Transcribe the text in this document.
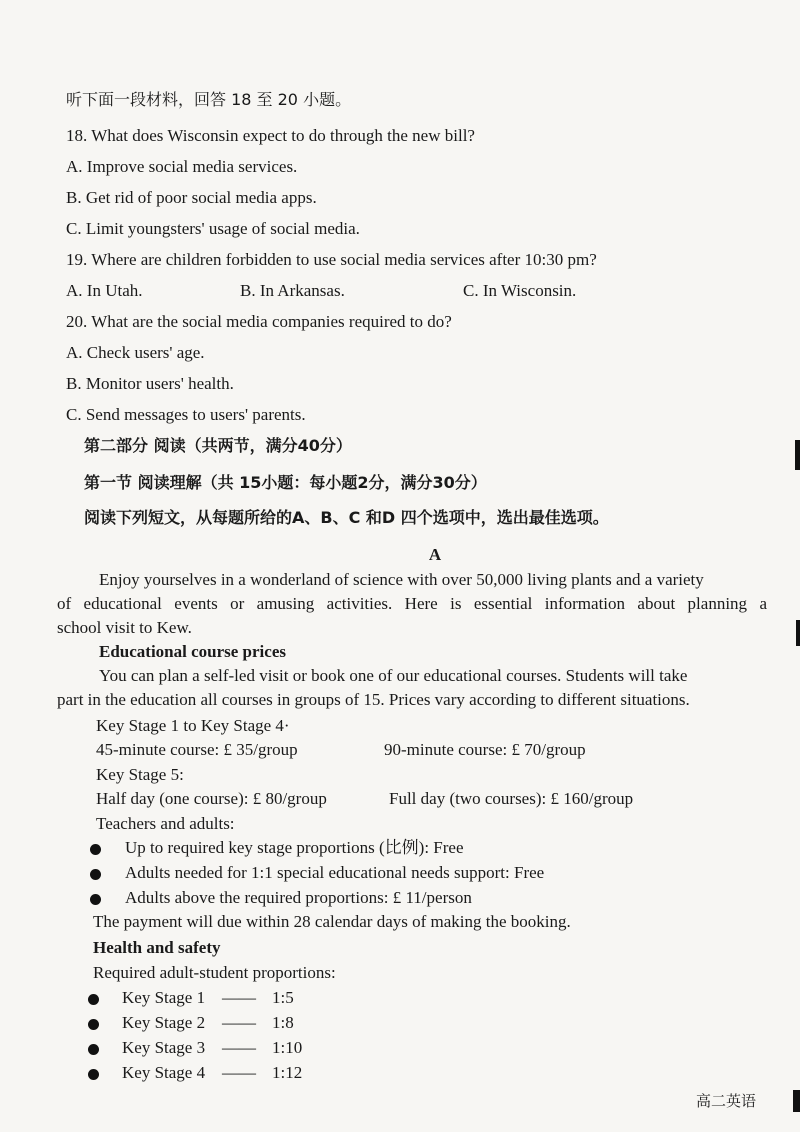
听下面一段材料，回答 18 至 20 小题。
18. What does Wisconsin expect to do through the new bill?
A. Improve social media services.
B. Get rid of poor social media apps.
C. Limit youngsters' usage of social media.
19. Where are children forbidden to use social media services after 10:30 pm?
A. In Utah.	B. In Arkansas.	C. In Wisconsin.
20. What are the social media companies required to do?
A. Check users' age.
B. Monitor users' health.
C. Send messages to users' parents.
第二部分 阅读（共两节，满分40分）
第一节 阅读理解（共 15小题：每小题2分，满分30分）
阅读下列短文，从每题所给的A、B、C 和D 四个选项中，选出最佳选项。
A
Enjoy yourselves in a wonderland of science with over 50,000 living plants and a variety
of educational events or amusing activities. Here is essential information about planning a
school visit to Kew.
Educational course prices
You can plan a self-led visit or book one of our educational courses. Students will take
part in the education all courses in groups of 15. Prices vary according to different situations.
Key Stage 1 to Key Stage 4·
45-minute course: £ 35/group	90-minute course: £ 70/group
Key Stage 5:
Half day (one course): £ 80/group	Full day (two courses): £ 160/group
Teachers and adults:
Up to required key stage proportions (比例): Free
Adults needed for 1:1 special educational needs support: Free
Adults above the required proportions: £ 11/person
The payment will due within 28 calendar days of making the booking.
Health and safety
Required adult-student proportions:
Key Stage 1 —— 1:5
Key Stage 2 —— 1:8
Key Stage 3 —— 1:10
Key Stage 4 —— 1:12
高二英语
